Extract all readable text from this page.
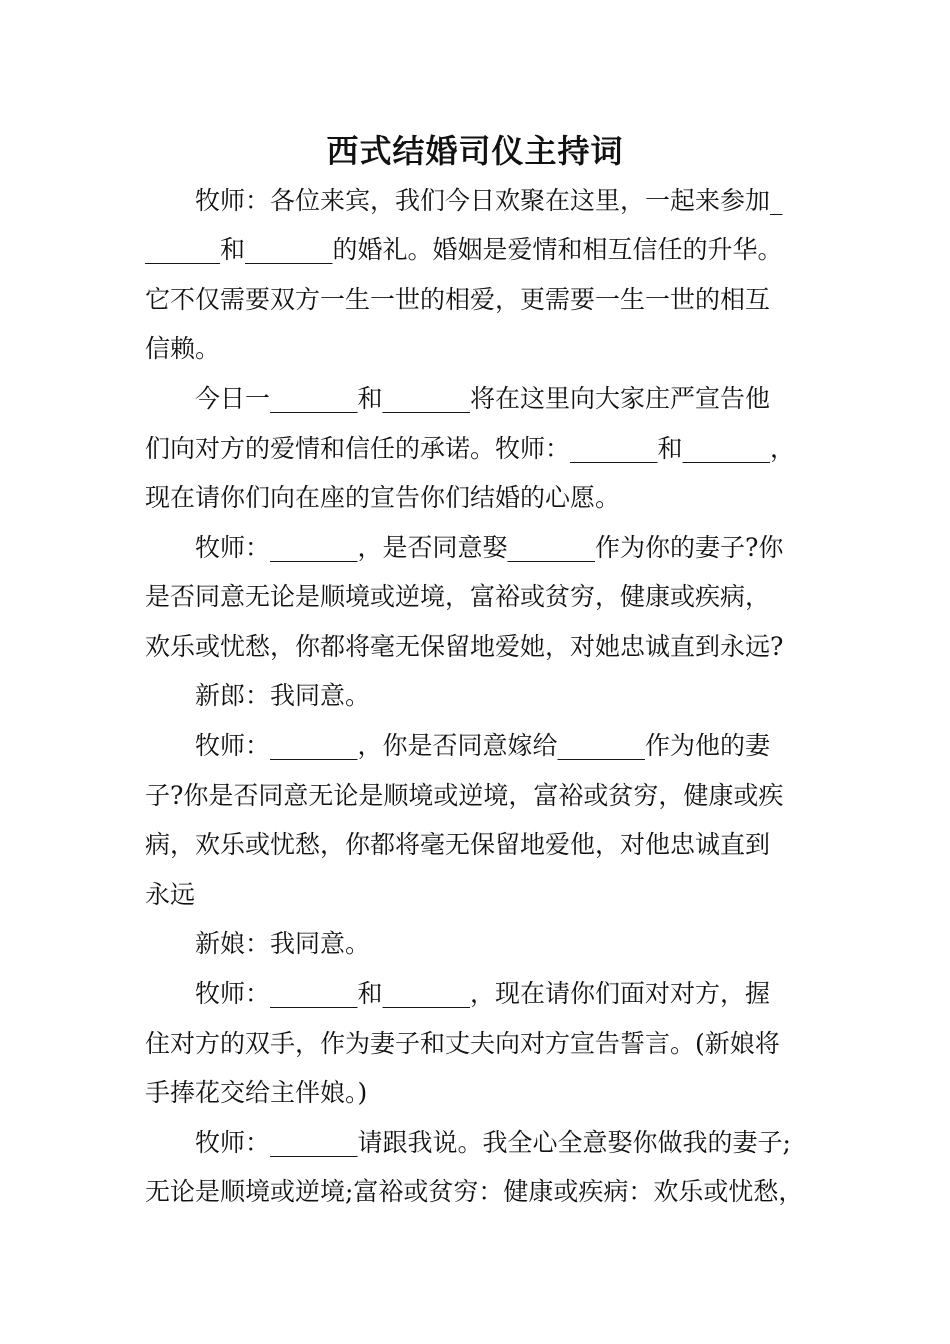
西式结婚司仪主持词

　　牧师：各位来宾，我们今日欢聚在这里，一起来参加_

______和_______的婚礼。婚姻是爱情和相互信任的升华。

它不仅需要双方一生一世的相爱，更需要一生一世的相互

信赖。

　　今日一_______和_______将在这里向大家庄严宣告他

们向对方的爱情和信任的承诺。牧师：_______和_______，

现在请你们向在座的宣告你们结婚的心愿。

　　牧师：_______，是否同意娶_______作为你的妻子?你

是否同意无论是顺境或逆境，富裕或贫穷，健康或疾病，

欢乐或忧愁，你都将毫无保留地爱她，对她忠诚直到永远?

　　新郎：我同意。

　　牧师：_______，你是否同意嫁给_______作为他的妻

子?你是否同意无论是顺境或逆境，富裕或贫穷，健康或疾

病，欢乐或忧愁，你都将毫无保留地爱他，对他忠诚直到

永远

　　新娘：我同意。

　　牧师：_______和_______，现在请你们面对对方，握

住对方的双手，作为妻子和丈夫向对方宣告誓言。(新娘将

手捧花交给主伴娘。)

　　牧师：_______请跟我说。我全心全意娶你做我的妻子;

无论是顺境或逆境;富裕或贫穷：健康或疾病：欢乐或忧愁，
